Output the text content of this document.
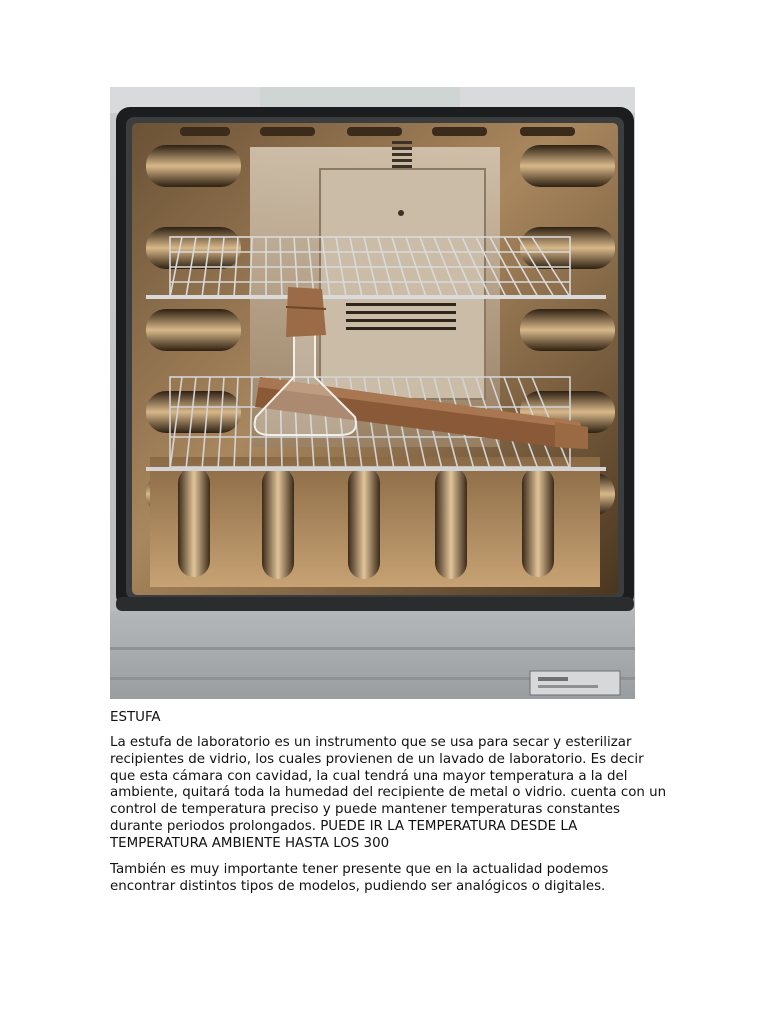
ESTUFA

La estufa de laboratorio es un instrumento que se usa para secar y esterilizar recipientes de vidrio, los cuales provienen de un lavado de laboratorio. Es decir que esta cámara con cavidad, la cual tendrá una mayor temperatura a la del ambiente, quitará toda la humedad del recipiente de metal o vidrio. cuenta con un control de temperatura preciso y puede mantener temperaturas constantes durante periodos prolongados. PUEDE IR LA TEMPERATURA DESDE LA TEMPERATURA AMBIENTE HASTA LOS 300

También es muy importante tener presente que en la actualidad podemos encontrar distintos tipos de modelos, pudiendo ser analógicos o digitales.
